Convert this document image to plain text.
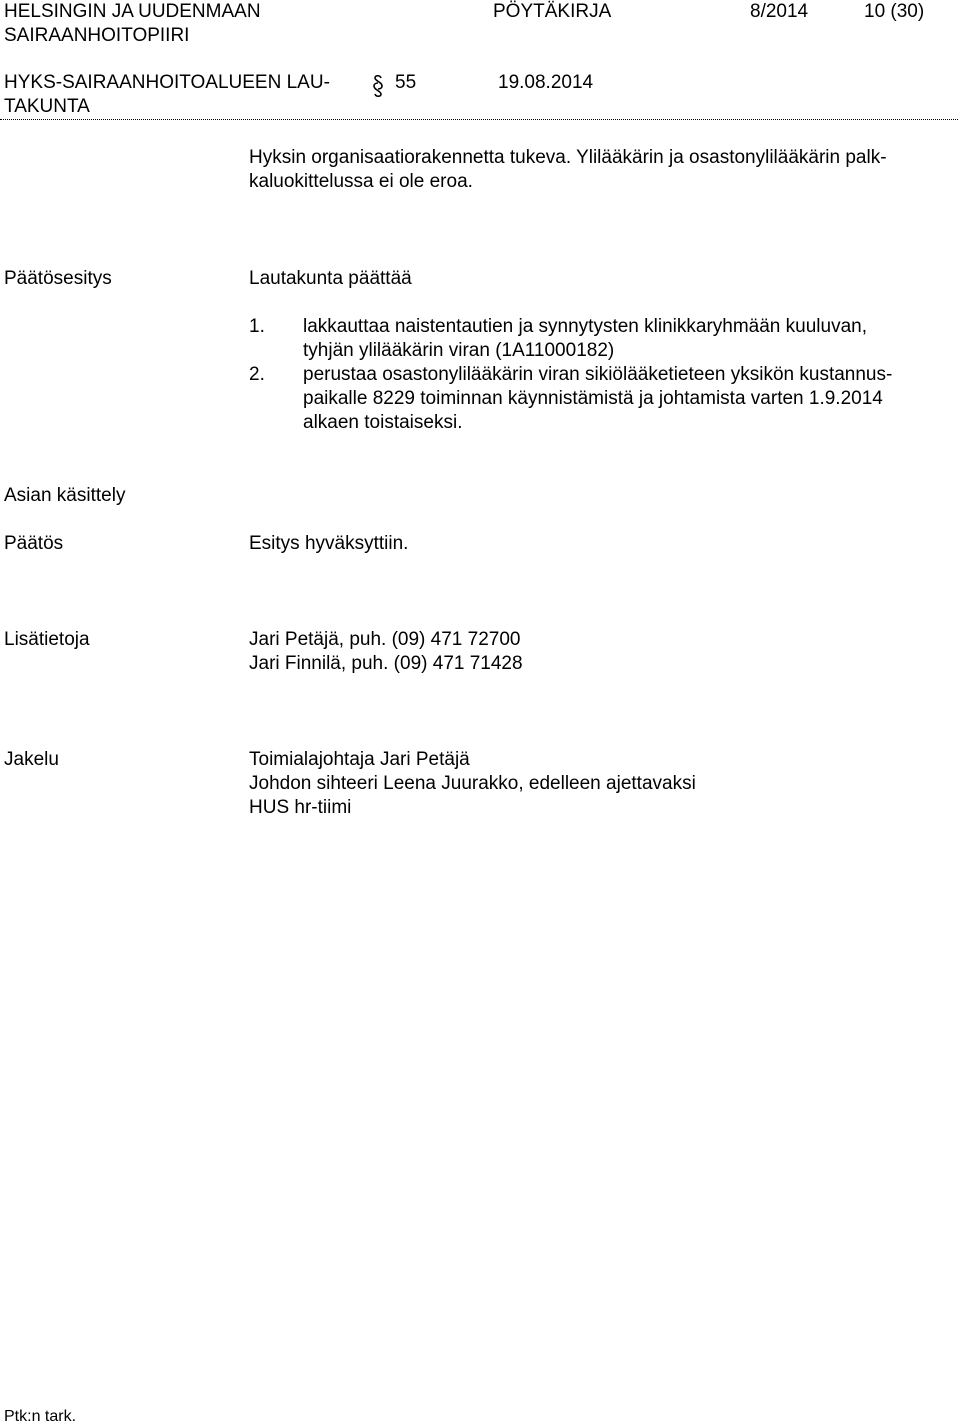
HELSINGIN JA UUDENMAAN
SAIRAANHOITOPIIRI
PÖYTÄKIRJA	8/2014	10 (30)
HYKS-SAIRAANHOITOALUEEN LAU-
TAKUNTA
55	19.08.2014
Hyksin organisaatiorakennetta tukeva. Ylilääkärin ja osastonylilääkärin palk-
kaluokittelussa ei ole eroa.
Päätösesitys	Lautakunta päättää
1. lakkauttaa naistentautien ja synnytysten klinikkaryhmään kuuluvan,
tyhjän ylilääkärin viran (1A11000182)
2. perustaa osastonylilääkärin viran sikiölääketieteen yksikön kustannus-
paikalle 8229 toiminnan käynnistämistä ja johtamista varten 1.9.2014
alkaen toistaiseksi.
Asian käsittely
Päätös	Esitys hyväksyttiin.
Lisätietoja	Jari Petäjä, puh. (09) 471 72700
Jari Finnilä, puh. (09) 471 71428
Jakelu	Toimialajohtaja Jari Petäjä
Johdon sihteeri Leena Juurakko, edelleen ajettavaksi
HUS hr-tiimi
Ptk:n tark.
